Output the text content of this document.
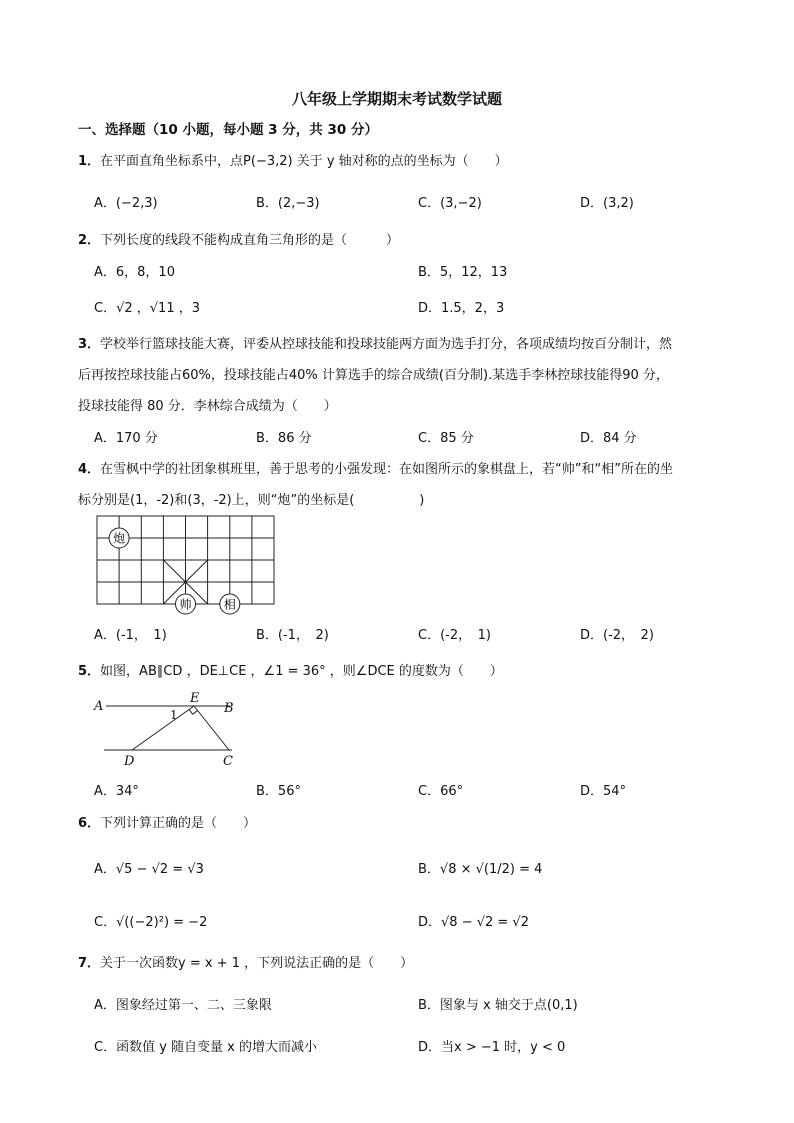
八年级上学期期末考试数学试题
一、选择题（10 小题，每小题 3 分，共 30 分）
1．在平面直角坐标系中，点P(−3,2) 关于 y 轴对称的点的坐标为（　　）
A．(−2,3)	B．(2,−3)	C．(3,−2)	D．(3,2)
2．下列长度的线段不能构成直角三角形的是（　　　）
A．6，8，10	B．5，12，13
C．√2 ，√11 ，3	D．1.5，2，3
3．学校举行篮球技能大赛，评委从控球技能和投球技能两方面为选手打分，各项成绩均按百分制计，然
后再按控球技能占60%，投球技能占40% 计算选手的综合成绩(百分制).某选手李林控球技能得90 分，
投球技能得 80 分．李林综合成绩为（　　）
A．170 分	B．86 分	C．85 分	D．84 分
4．在雪枫中学的社团象棋班里，善于思考的小强发现：在如图所示的象棋盘上，若“帅”和“相”所在的坐
标分别是(1，-2)和(3，-2)上，则“炮”的坐标是(　　　　　)
炮
帅	相
A．(-1，　1)	B．(-1，　2)	C．(-2，　1)	D．(-2，　2)
5．如图，AB∥CD ，DE⊥CE ，∠1 = 36° ，则∠DCE 的度数为（　　）
A
E
B
1
D	C
A．34°	B．56°	C．66°	D．54°
6．下列计算正确的是（　　）
A．√5 − √2 = √3	B．√8 × √(1/2) = 4
C．√((−2)²) = −2	D．√8 − √2 = √2
7．关于一次函数y = x + 1 ，下列说法正确的是（　　）
A．图象经过第一、二、三象限	B．图象与 x 轴交于点(0,1)
C．函数值 y 随自变量 x 的增大而减小	D．当x > −1 时，y < 0
